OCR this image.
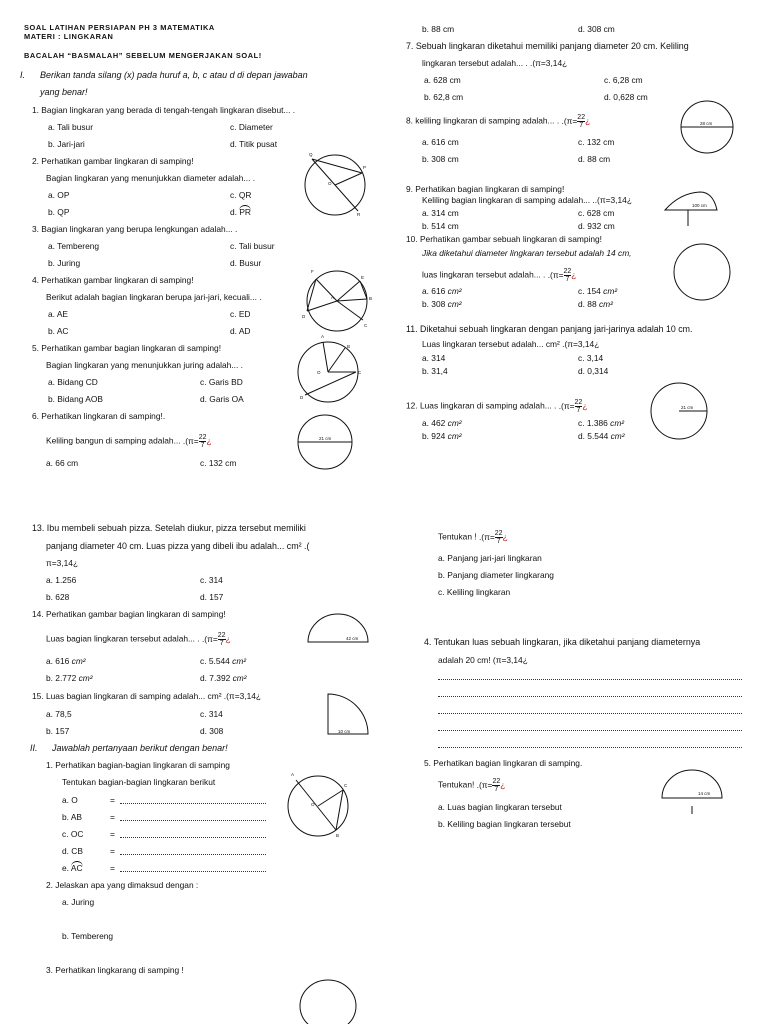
SOAL LATIHAN PERSIAPAN PH 3 MATEMATIKA
MATERI : LINGKARAN
BACALAH “BASMALAH” SEBELUM MENGERJAKAN SOAL!
I. Berikan tanda silang (x) pada huruf a, b, c atau d di depan jawaban
yang benar!
1. Bagian lingkaran yang berada di tengah-tengah lingkaran disebut... .
a. Tali busur	c. Diameter
b. Jari-jari	d. Titik pusat
2. Perhatikan gambar lingkaran di samping!
Bagian lingkaran yang menunjukkan diameter adalah... .
a. OP	c. QR
b. QP	d. PR
Q
P
O
R
3. Bagian lingkaran yang berupa lengkungan adalah... .
a. Tembereng	c. Tali busur
b. Juring	d. Busur
4. Perhatikan gambar lingkaran di samping!
Berikut adalah bagian lingkaran berupa jari-jari, kecuali... .
a. AE	c. ED
b. AC	d. AD
F
E
A	B
D
C
5. Perhatikan gambar bagian lingkaran di samping!
Bagian lingkaran yang menunjukkan juring adalah... .
a. Bidang CD	c. Garis BD
b. Bidang AOB	d. Garis OA
A
B
O	C
D
6. Perhatikan lingkaran di samping!.
Keliling bangun di samping adalah... $.(\pi= \frac{22}{7}$ ¿
a. 66 cm	c. 132 cm
21 cm
b. 88 cm	d. 308 cm
7. Sebuah lingkaran diketahui memiliki panjang diameter 20 cm. Keliling
lingkaran tersebut adalah... . .(π=3,14¿
a. 628 cm	c. 6,28 cm
b. 62,8 cm	d. 0,628 cm
8. keliling lingkaran di samping adalah... . $.(\pi= \frac{22}{7}$ ¿
a. 616 cm	c. 132 cm
b. 308 cm	d. 88 cm
28 cm
9. Perhatikan bagian lingkaran di samping!
Keliling bagian lingkaran di samping adalah... ..(π=3,14¿
a. 314 cm	c. 628 cm
b. 514 cm	d. 932 cm
100 cm
10. Perhatikan gambar sebuah lingkaran di samping!
Jika diketahui diameter lingkaran tersebut adalah 14 cm,
luas lingkaran tersebut adalah... . $.(\pi= \frac{22}{7}$ ¿
a. 616 cm²	c. 154 cm²
b. 308 cm²	d. 88 cm²
11. Diketahui sebuah lingkaran dengan panjang jari-jarinya adalah 10 cm.
Luas lingkaran tersebut adalah... cm² .(π=3,14¿
a. 314	c. 3,14
b. 31,4	d. 0,314
12. Luas lingkaran di samping adalah... . $.(\pi= \frac{22}{7}$ ¿
a. 462 cm²	c. 1.386 cm²
b. 924 cm²	d. 5.544 cm²
21 cm
13. Ibu membeli sebuah pizza. Setelah diukur, pizza tersebut memiliki
panjang diameter 40 cm. Luas pizza yang dibeli ibu adalah... cm² .(
π=3,14¿
a. 1.256	c. 314
b. 628	d. 157
14. Perhatikan gambar bagian lingkaran di samping!
Luas bagian lingkaran tersebut adalah... . $.(\pi= \frac{22}{7}$ ¿
a. 616 cm²	c. 5.544 cm²
b. 2.772 cm²	d. 7.392 cm²
42 cm
15. Luas bagian lingkaran di samping adalah... cm² .(π=3,14¿
a. 78,5	c. 314
b. 157	d. 308	10 cm
II. Jawablah pertanyaan berikut dengan benar!
1. Perhatikan bagian-bagian lingkaran di samping
Tentukan bagian-bagian lingkaran berikut
a. O	=
b. AB	=
c. OC	=
d. CB	=
e. AC	=
A
C
O
B
2. Jelaskan apa yang dimaksud dengan :
a. Juring
b. Tembereng
3. Perhatikan lingkarang di samping !
Tentukan ! $.(\pi= \frac{22}{7}$ ¿
a. Panjang jari-jari lingkaran
b. Panjang diameter lingkarang
c. Keliling lingkaran
4. Tentukan luas sebuah lingkaran, jika diketahui panjang diameternya
adalah 20 cm! (π=3,14¿
5. Perhatikan bagian lingkaran di samping.
Tentukan! $.(\pi= \frac{22}{7}$ ¿
a. Luas bagian lingkaran tersebut
b. Keliling bagian lingkaran tersebut
14 cm
